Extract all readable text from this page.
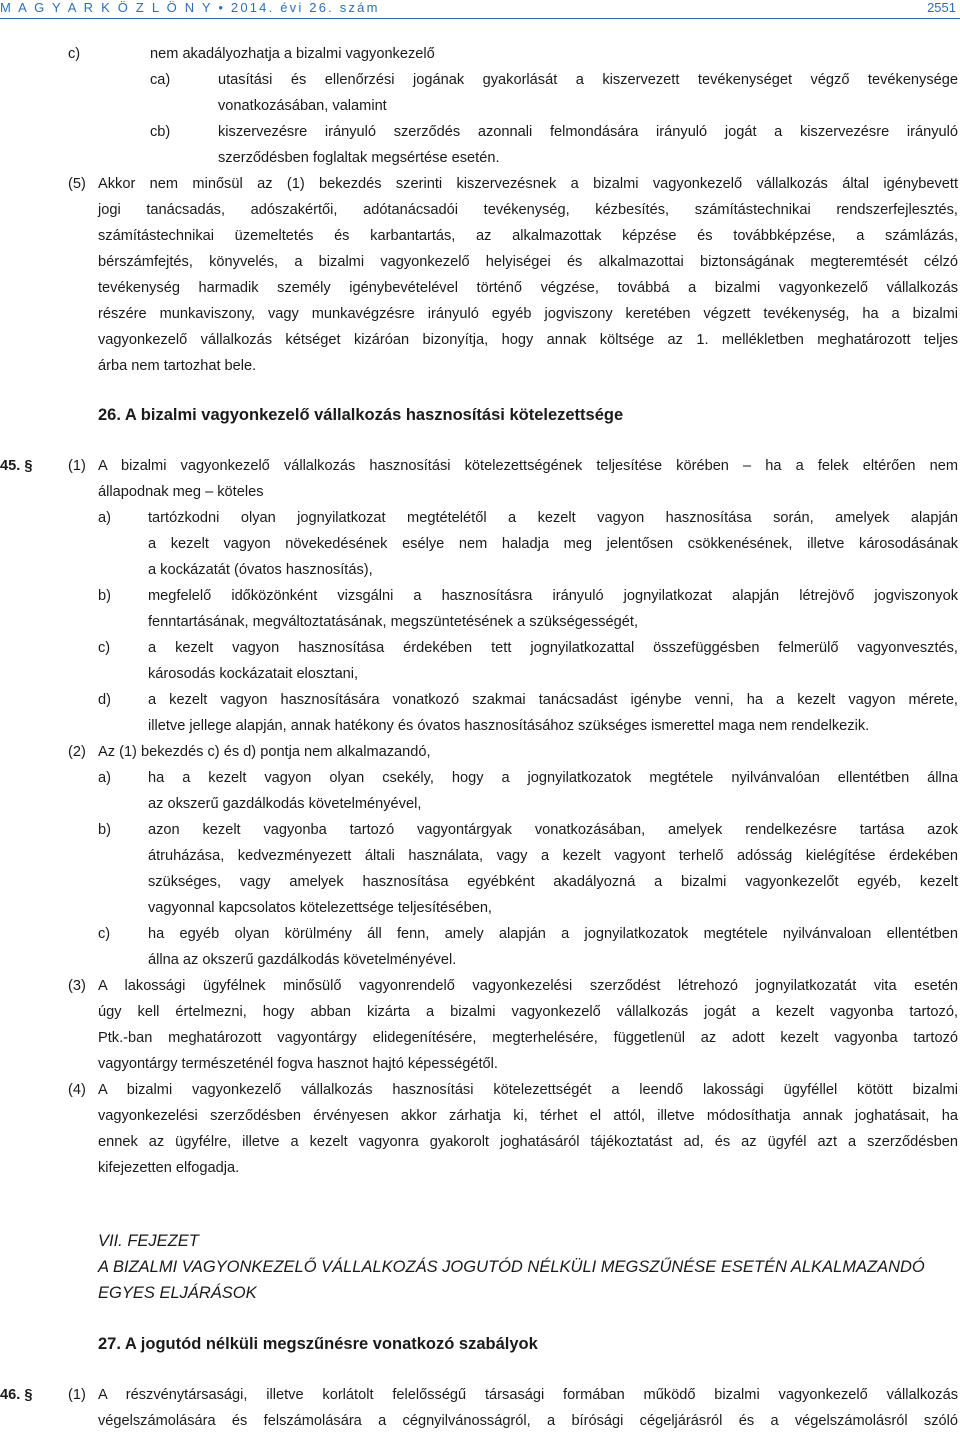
M A G Y A R K Ö Z L Ö N Y • 2014. évi 26. szám	2551
c)	nem akadályozhatja a bizalmi vagyonkezelő
ca)	utasítási és ellenőrzési jogának gyakorlását a kiszervezett tevékenységet végző tevékenysége
vonatkozásában, valamint
cb)	kiszervezésre irányuló szerződés azonnali felmondására irányuló jogát a kiszervezésre irányuló
szerződésben foglaltak megsértése esetén.
(5) Akkor nem minősül az (1) bekezdés szerinti kiszervezésnek a bizalmi vagyonkezelő vállalkozás által igénybevett
jogi tanácsadás, adószakértői, adótanácsadói tevékenység, kézbesítés, számítástechnikai rendszerfejlesztés,
számítástechnikai üzemeltetés és karbantartás, az alkalmazottak képzése és továbbképzése, a számlázás,
bérszámfejtés, könyvelés, a bizalmi vagyonkezelő helyiségei és alkalmazottai biztonságának megteremtését célzó
tevékenység harmadik személy igénybevételével történő végzése, továbbá a bizalmi vagyonkezelő vállalkozás
részére munkaviszony, vagy munkavégzésre irányuló egyéb jogviszony keretében végzett tevékenység, ha a bizalmi
vagyonkezelő vállalkozás kétséget kizáróan bizonyítja, hogy annak költsége az 1. mellékletben meghatározott teljes
árba nem tartozhat bele.
26. A bizalmi vagyonkezelő vállalkozás hasznosítási kötelezettsége
45. § (1) A bizalmi vagyonkezelő vállalkozás hasznosítási kötelezettségének teljesítése körében – ha a felek eltérően nem
állapodnak meg – köteles
a)	tartózkodni olyan jognyilatkozat megtételétől a kezelt vagyon hasznosítása során, amelyek alapján
a kezelt vagyon növekedésének esélye nem haladja meg jelentősen csökkenésének, illetve károsodásának
a kockázatát (óvatos hasznosítás),
b)	megfelelő időközönként vizsgálni a hasznosításra irányuló jognyilatkozat alapján létrejövő jogviszonyok
fenntartásának, megváltoztatásának, megszüntetésének a szükségességét,
c)	a kezelt vagyon hasznosítása érdekében tett jognyilatkozattal összefüggésben felmerülő vagyonvesztés,
károsodás kockázatait elosztani,
d)	a kezelt vagyon hasznosítására vonatkozó szakmai tanácsadást igénybe venni, ha a kezelt vagyon mérete,
illetve jellege alapján, annak hatékony és óvatos hasznosításához szükséges ismerettel maga nem rendelkezik.
(2) Az (1) bekezdés c) és d) pontja nem alkalmazandó,
a)	ha a kezelt vagyon olyan csekély, hogy a jognyilatkozatok megtétele nyilvánvalóan ellentétben állna
az okszerű gazdálkodás követelményével,
b)	azon kezelt vagyonba tartozó vagyontárgyak vonatkozásában, amelyek rendelkezésre tartása azok
átruházása, kedvezményezett általi használata, vagy a kezelt vagyont terhelő adósság kielégítése érdekében
szükséges, vagy amelyek hasznosítása egyébként akadályozná a bizalmi vagyonkezelőt egyéb, kezelt
vagyonnal kapcsolatos kötelezettsége teljesítésében,
c)	ha egyéb olyan körülmény áll fenn, amely alapján a jognyilatkozatok megtétele nyilvánvaloan ellentétben
állna az okszerű gazdálkodás követelményével.
(3) A lakossági ügyfélnek minősülő vagyonrendelő vagyonkezelési szerződést létrehozó jognyilatkozatát vita esetén
úgy kell értelmezni, hogy abban kizárta a bizalmi vagyonkezelő vállalkozás jogát a kezelt vagyonba tartozó,
Ptk.-ban meghatározott vagyontárgy elidegenítésére, megterhelésére, függetlenül az adott kezelt vagyonba tartozó
vagyontárgy természeténél fogva hasznot hajtó képességétől.
(4) A bizalmi vagyonkezelő vállalkozás hasznosítási kötelezettségét a leendő lakossági ügyféllel kötött bizalmi
vagyonkezelési szerződésben érvényesen akkor zárhatja ki, térhet el attól, illetve módosíthatja annak joghatásait, ha
ennek az ügyfélre, illetve a kezelt vagyonra gyakorolt joghatásáról tájékoztatást ad, és az ügyfél azt a szerződésben
kifejezetten elfogadja.
VII. FEJEZET
A BIZALMI VAGYONKEZELŐ VÁLLALKOZÁS JOGUTÓD NÉLKÜLI MEGSZŰNÉSE ESETÉN ALKALMAZANDÓ
EGYES ELJÁRÁSOK
27. A jogutód nélküli megszűnésre vonatkozó szabályok
46. § (1) A részvénytársasági, illetve korlátolt felelősségű társasági formában működő bizalmi vagyonkezelő vállalkozás
végelszámolására és felszámolására a cégnyilvánosságról, a bírósági cégeljárásról és a végelszámolásról szóló
